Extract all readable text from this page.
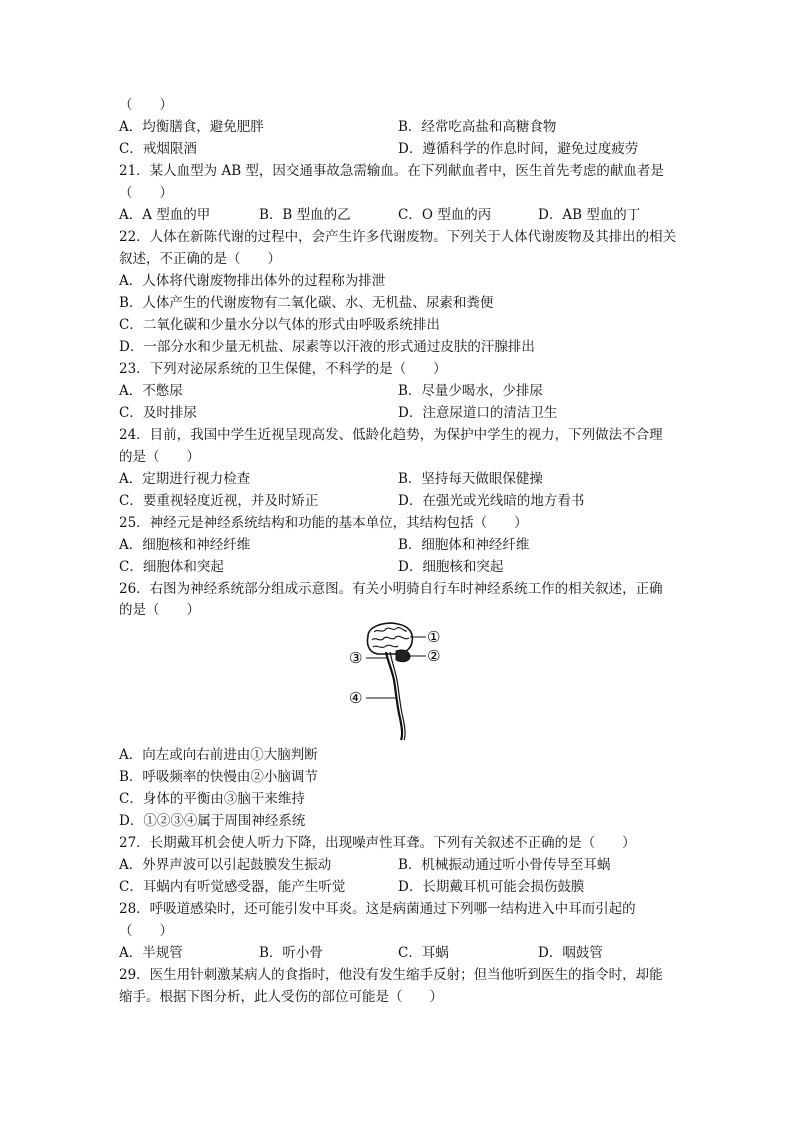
（　　）
A．均衡膳食，避免肥胖	B．经常吃高盐和高糖食物
C．戒烟限酒	D．遵循科学的作息时间，避免过度疲劳
21．某人血型为 AB 型，因交通事故急需输血。在下列献血者中，医生首先考虑的献血者是
（　　）
A．A 型血的甲	B．B 型血的乙	C．O 型血的丙	D．AB 型血的丁
22．人体在新陈代谢的过程中，会产生许多代谢废物。下列关于人体代谢废物及其排出的相关
叙述，不正确的是（　　）
A．人体将代谢废物排出体外的过程称为排泄
B．人体产生的代谢废物有二氧化碳、水、无机盐、尿素和粪便
C．二氧化碳和少量水分以气体的形式由呼吸系统排出
D．一部分水和少量无机盐、尿素等以汗液的形式通过皮肤的汗腺排出
23．下列对泌尿系统的卫生保健，不科学的是（　　）
A．不憋尿	B．尽量少喝水，少排尿
C．及时排尿	D．注意尿道口的清洁卫生
24．目前，我国中学生近视呈现高发、低龄化趋势，为保护中学生的视力，下列做法不合理
的是（　　）
A．定期进行视力检查	B．坚持每天做眼保健操
C．要重视轻度近视，并及时矫正	D．在强光或光线暗的地方看书
25．神经元是神经系统结构和功能的基本单位，其结构包括（　　）
A．细胞核和神经纤维	B．细胞体和神经纤维
C．细胞体和突起	D．细胞核和突起
26．右图为神经系统部分组成示意图。有关小明骑自行车时神经系统工作的相关叙述，正确
的是（　　）
①
②
③
④
A．向左或向右前进由①大脑判断
B．呼吸频率的快慢由②小脑调节
C．身体的平衡由③脑干来维持
D．①②③④属于周围神经系统
27．长期戴耳机会使人听力下降，出现噪声性耳聋。下列有关叙述不正确的是（　　）
A．外界声波可以引起鼓膜发生振动	B．机械振动通过听小骨传导至耳蜗
C．耳蜗内有听觉感受器，能产生听觉	D．长期戴耳机可能会损伤鼓膜
28．呼吸道感染时，还可能引发中耳炎。这是病菌通过下列哪一结构进入中耳而引起的
（　　）
A．半规管	B．听小骨	C．耳蜗	D．咽鼓管
29．医生用针刺激某病人的食指时，他没有发生缩手反射；但当他听到医生的指令时，却能
缩手。根据下图分析，此人受伤的部位可能是（　　）
